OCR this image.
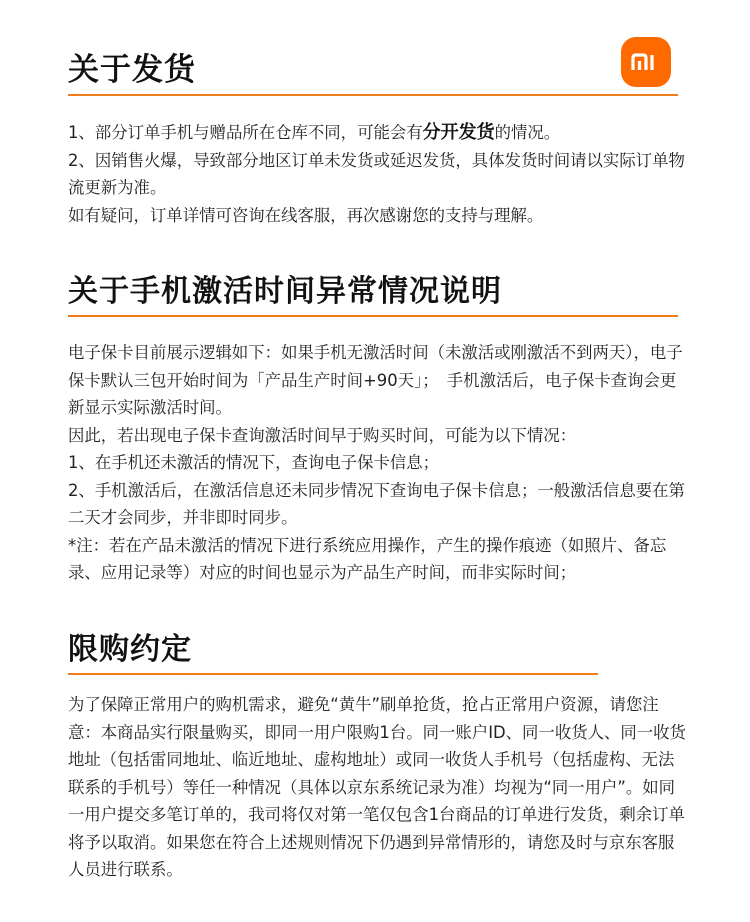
关于发货

1、部分订单手机与赠品所在仓库不同，可能会有分开发货的情况。

2、因销售火爆，导致部分地区订单未发货或延迟发货，具体发货时间请以实际订单物流更新为准。

如有疑问，订单详情可咨询在线客服，再次感谢您的支持与理解。

关于手机激活时间异常情况说明

电子保卡目前展示逻辑如下：如果手机无激活时间（未激活或刚激活不到两天），电子保卡默认三包开始时间为「产品生产时间+90天」；　手机激活后，电子保卡查询会更新显示实际激活时间。

因此，若出现电子保卡查询激活时间早于购买时间，可能为以下情况：

1、在手机还未激活的情况下，查询电子保卡信息；

2、手机激活后，在激活信息还未同步情况下查询电子保卡信息；一般激活信息要在第二天才会同步，并非即时同步。

*注：若在产品未激活的情况下进行系统应用操作，产生的操作痕迹（如照片、备忘录、应用记录等）对应的时间也显示为产品生产时间，而非实际时间；

限购约定

为了保障正常用户的购机需求，避免“黄牛”刷单抢货，抢占正常用户资源，请您注意：本商品实行限量购买，即同一用户限购1台。同一账户ID、同一收货人、同一收货地址（包括雷同地址、临近地址、虚构地址）或同一收货人手机号（包括虚构、无法联系的手机号）等任一种情况（具体以京东系统记录为准）均视为“同一用户”。如同一用户提交多笔订单的，我司将仅对第一笔仅包含1台商品的订单进行发货，剩余订单将予以取消。如果您在符合上述规则情况下仍遇到异常情形的，请您及时与京东客服人员进行联系。
